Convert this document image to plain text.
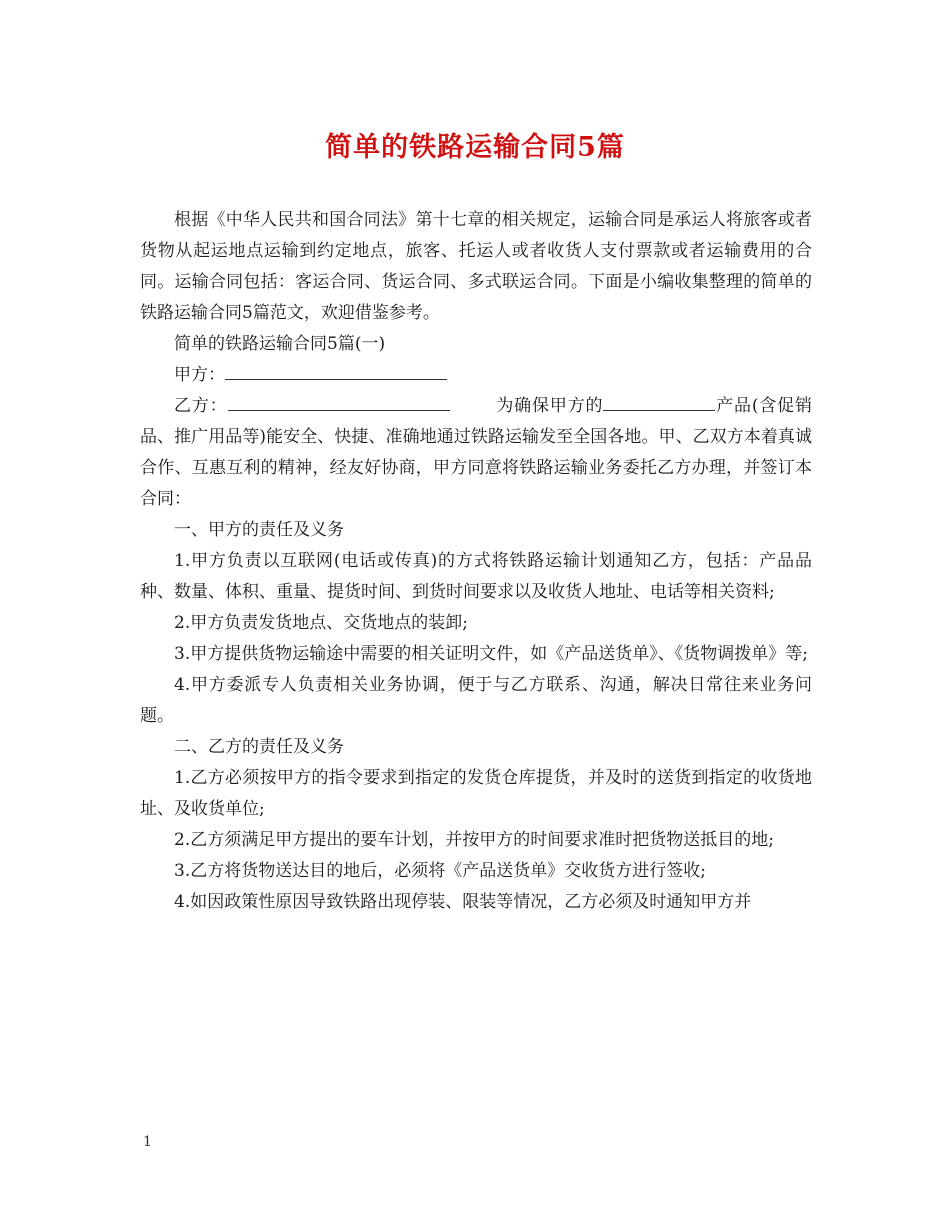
简单的铁路运输合同5篇

根据《中华人民共和国合同法》第十七章的相关规定，运输合同是承运人将旅客或者货物从起运地点运输到约定地点，旅客、托运人或者收货人支付票款或者运输费用的合同。运输合同包括：客运合同、货运合同、多式联运合同。下面是小编收集整理的简单的铁路运输合同5篇范文，欢迎借鉴参考。

简单的铁路运输合同5篇(一)

甲方：

乙方：	为确保甲方的	产品(含促销品、推广用品等)能安全、快捷、准确地通过铁路运输发至全国各地。甲、乙双方本着真诚合作、互惠互利的精神，经友好协商，甲方同意将铁路运输业务委托乙方办理，并签订本合同：

一、甲方的责任及义务

1.甲方负责以互联网(电话或传真)的方式将铁路运输计划通知乙方，包括：产品品种、数量、体积、重量、提货时间、到货时间要求以及收货人地址、电话等相关资料;

2.甲方负责发货地点、交货地点的装卸;

3.甲方提供货物运输途中需要的相关证明文件，如《产品送货单》、《货物调拨单》等;

4.甲方委派专人负责相关业务协调，便于与乙方联系、沟通，解决日常往来业务问题。

二、乙方的责任及义务

1.乙方必须按甲方的指令要求到指定的发货仓库提货，并及时的送货到指定的收货地址、及收货单位;

2.乙方须满足甲方提出的要车计划，并按甲方的时间要求准时把货物送抵目的地;

3.乙方将货物送达目的地后，必须将《产品送货单》交收货方进行签收;

4.如因政策性原因导致铁路出现停装、限装等情况，乙方必须及时通知甲方并

1
